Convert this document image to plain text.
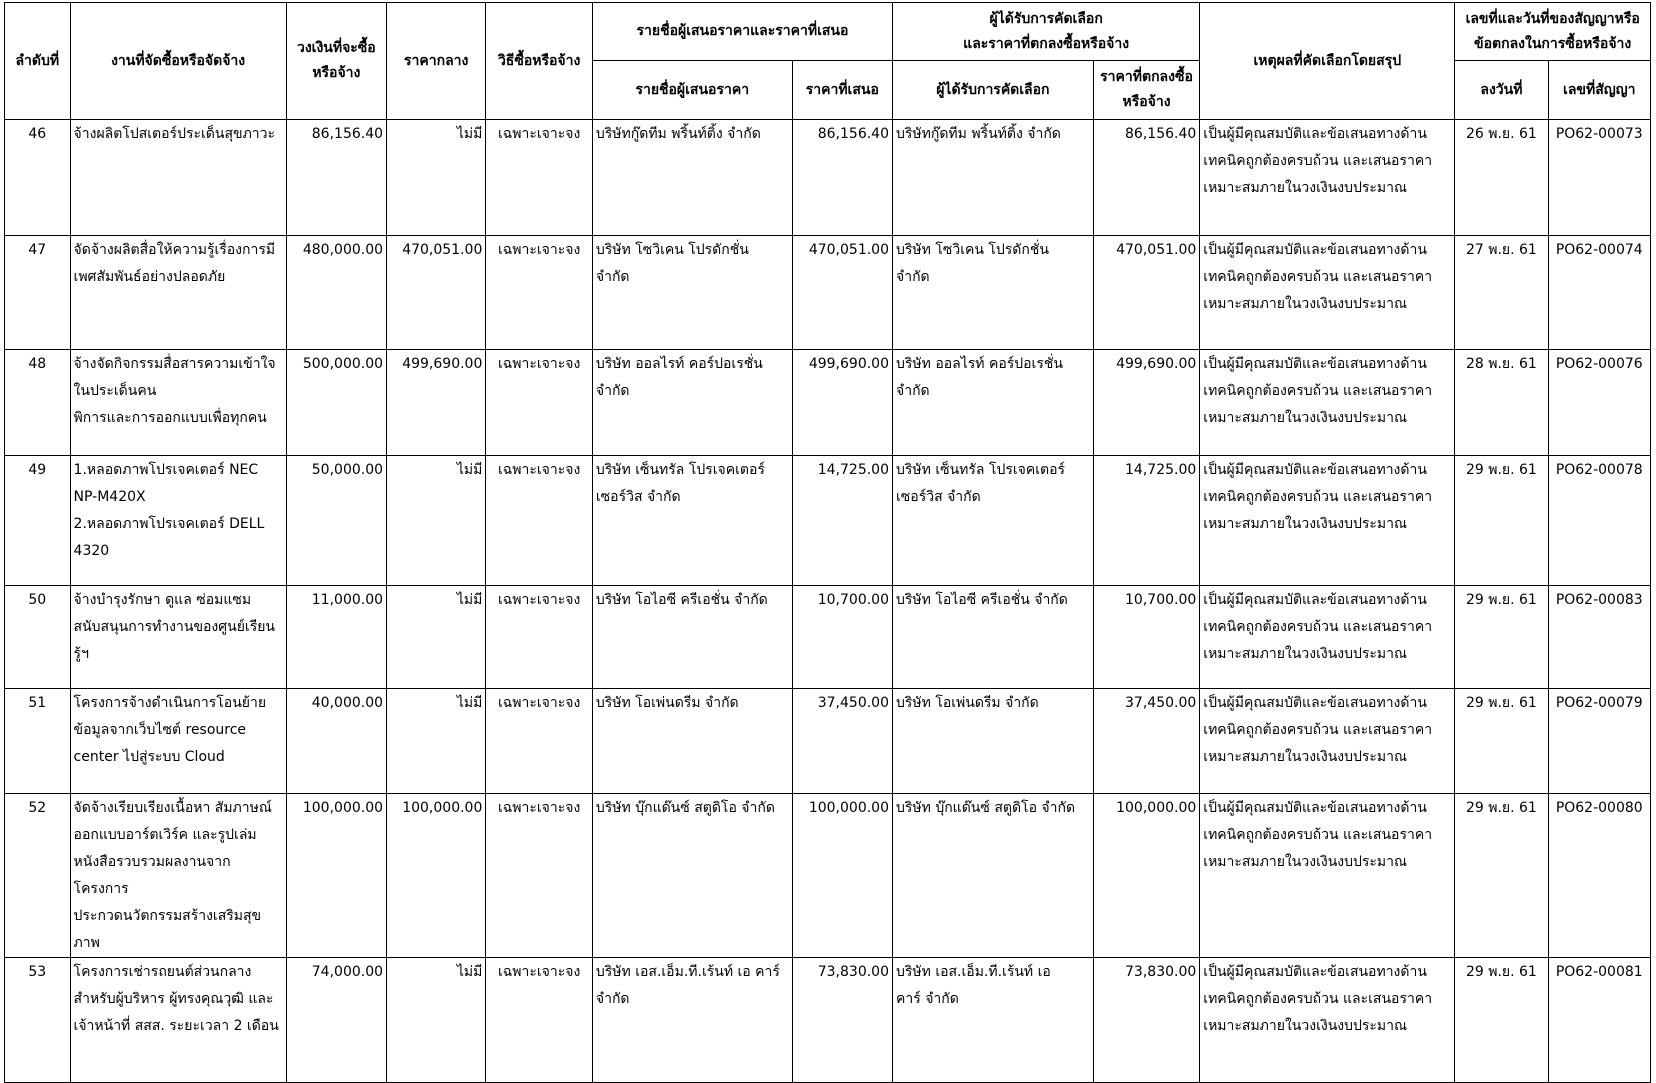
ลำดับที่	งานที่จัดซื้อหรือจัดจ้าง	วงเงินที่จะซื้อ
หรือจ้าง	ราคากลาง	วิธีซื้อหรือจ้าง	รายชื่อผู้เสนอราคาและราคาที่เสนอ		ผู้ได้รับการคัดเลือก
และราคาที่ตกลงซื้อหรือจ้าง		เหตุผลที่คัดเลือกโดยสรุป	เลขที่และวันที่ของสัญญาหรือ
ข้อตกลงในการซื้อหรือจ้าง	

					รายชื่อผู้เสนอราคา	ราคาที่เสนอ	ผู้ได้รับการคัดเลือก	ราคาที่ตกลงซื้อ
หรือจ้าง		ลงวันที่	เลขที่สัญญา
46	จ้างผลิตโปสเตอร์ประเด็นสุขภาวะ	86,156.40	ไม่มี	เฉพาะเจาะจง	บริษัทกู๊ดทีม พริ้นท์ติ้ง จำกัด	86,156.40	บริษัทกู๊ดทีม พริ้นท์ติ้ง จำกัด	86,156.40	เป็นผู้มีคุณสมบัติและข้อเสนอทางด้าน
เทคนิคถูกต้องครบถ้วน และเสนอราคา
เหมาะสมภายในวงเงินงบประมาณ	26 พ.ย. 61	PO62-00073
47	จัดจ้างผลิตสื่อให้ความรู้เรื่องการมี
เพศสัมพันธ์อย่างปลอดภัย	480,000.00	470,051.00	เฉพาะเจาะจง	บริษัท โซวิเคน โปรดักชั่น
จำกัด	470,051.00	บริษัท โซวิเคน โปรดักชั่น
จำกัด	470,051.00	เป็นผู้มีคุณสมบัติและข้อเสนอทางด้าน
เทคนิคถูกต้องครบถ้วน และเสนอราคา
เหมาะสมภายในวงเงินงบประมาณ	27 พ.ย. 61	PO62-00074
48	จ้างจัดกิจกรรมสื่อสารความเข้าใจ
ในประเด็นคน
พิการและการออกแบบเพื่อทุกคน	500,000.00	499,690.00	เฉพาะเจาะจง	บริษัท ออลไรท์ คอร์ปอเรชั่น
จำกัด	499,690.00	บริษัท ออลไรท์ คอร์ปอเรชั่น
จำกัด	499,690.00	เป็นผู้มีคุณสมบัติและข้อเสนอทางด้าน
เทคนิคถูกต้องครบถ้วน และเสนอราคา
เหมาะสมภายในวงเงินงบประมาณ	28 พ.ย. 61	PO62-00076
49	1.หลอดภาพโปรเจคเตอร์ NEC
NP-M420X
2.หลอดภาพโปรเจคเตอร์ DELL
4320	50,000.00	ไม่มี	เฉพาะเจาะจง	บริษัท เซ็นทรัล โปรเจคเตอร์
เซอร์วิส จำกัด	14,725.00	บริษัท เซ็นทรัล โปรเจคเตอร์
เซอร์วิส จำกัด	14,725.00	เป็นผู้มีคุณสมบัติและข้อเสนอทางด้าน
เทคนิคถูกต้องครบถ้วน และเสนอราคา
เหมาะสมภายในวงเงินงบประมาณ	29 พ.ย. 61	PO62-00078
50	จ้างบำรุงรักษา ดูแล ซ่อมแซม
สนับสนุนการทำงานของศูนย์เรียนรู้ฯ	11,000.00	ไม่มี	เฉพาะเจาะจง	บริษัท โอไอซี ครีเอชั่น จำกัด	10,700.00	บริษัท โอไอซี ครีเอชั่น จำกัด	10,700.00	เป็นผู้มีคุณสมบัติและข้อเสนอทางด้าน
เทคนิคถูกต้องครบถ้วน และเสนอราคา
เหมาะสมภายในวงเงินงบประมาณ	29 พ.ย. 61	PO62-00083
51	โครงการจ้างดำเนินการโอนย้าย
ข้อมูลจากเว็บไซต์ resource
center ไปสู่ระบบ Cloud	40,000.00	ไม่มี	เฉพาะเจาะจง	บริษัท โอเพ่นดรีม จำกัด	37,450.00	บริษัท โอเพ่นดรีม จำกัด	37,450.00	เป็นผู้มีคุณสมบัติและข้อเสนอทางด้าน
เทคนิคถูกต้องครบถ้วน และเสนอราคา
เหมาะสมภายในวงเงินงบประมาณ	29 พ.ย. 61	PO62-00079
52	จัดจ้างเรียบเรียงเนื้อหา สัมภาษณ์
ออกแบบอาร์ตเวิร์ค และรูปเล่ม
หนังสือรวบรวมผลงานจากโครงการ
ประกวดนวัตกรรมสร้างเสริมสุขภาพ	100,000.00	100,000.00	เฉพาะเจาะจง	บริษัท บุ๊กแด๊นซ์ สตูดิโอ จำกัด	100,000.00	บริษัท บุ๊กแด๊นซ์ สตูดิโอ จำกัด	100,000.00	เป็นผู้มีคุณสมบัติและข้อเสนอทางด้าน
เทคนิคถูกต้องครบถ้วน และเสนอราคา
เหมาะสมภายในวงเงินงบประมาณ	29 พ.ย. 61	PO62-00080
53	โครงการเช่ารถยนต์ส่วนกลาง
สำหรับผู้บริหาร ผู้ทรงคุณวุฒิ และ
เจ้าหน้าที่ สสส. ระยะเวลา 2 เดือน	74,000.00	ไม่มี	เฉพาะเจาะจง	บริษัท เอส.เอ็ม.ที.เร้นท์ เอ คาร์
จำกัด	73,830.00	บริษัท เอส.เอ็ม.ที.เร้นท์ เอ
คาร์ จำกัด	73,830.00	เป็นผู้มีคุณสมบัติและข้อเสนอทางด้าน
เทคนิคถูกต้องครบถ้วน และเสนอราคา
เหมาะสมภายในวงเงินงบประมาณ	29 พ.ย. 61	PO62-00081
